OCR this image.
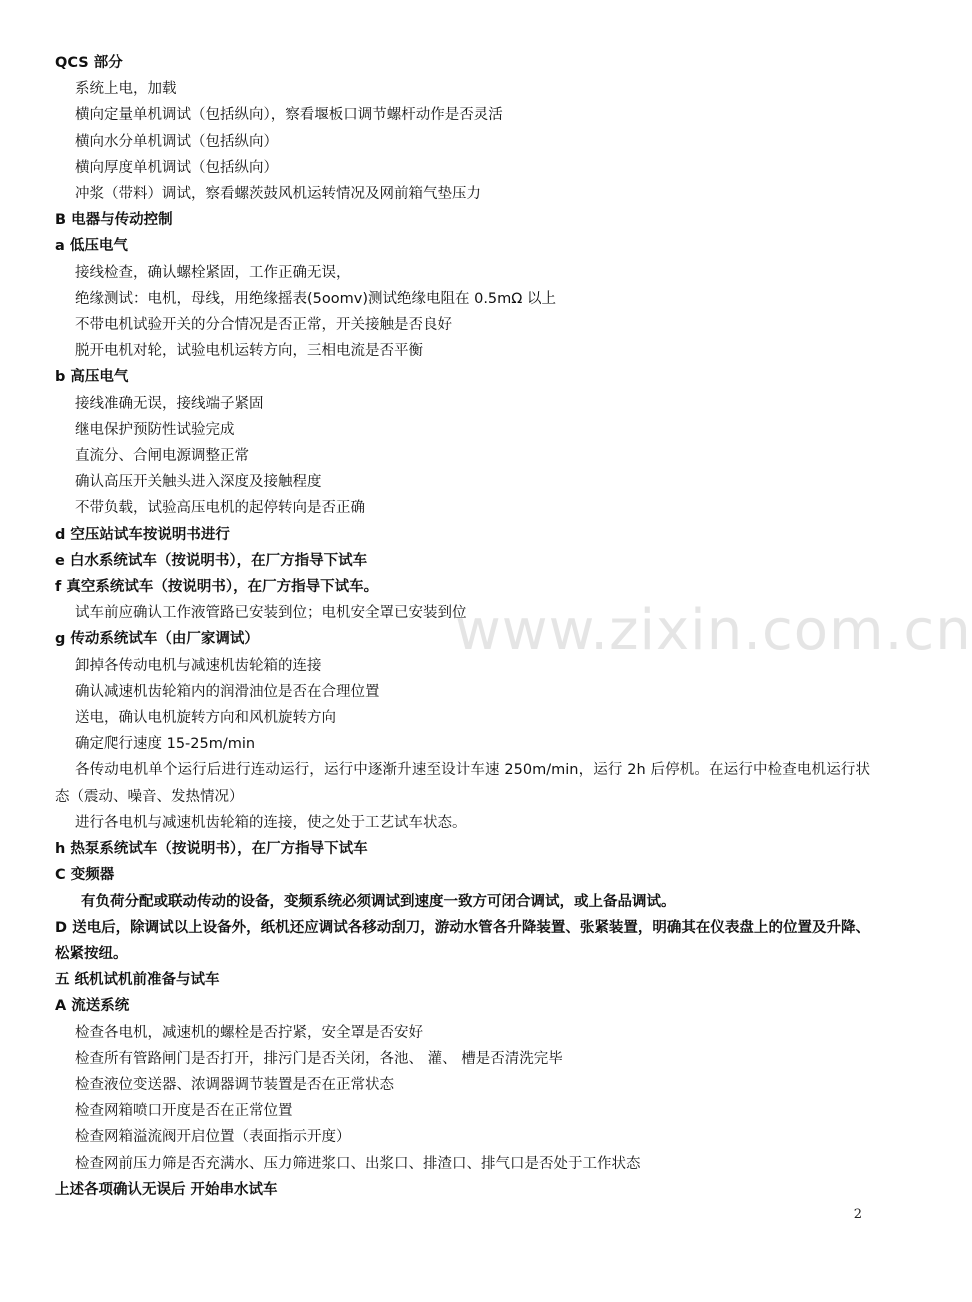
QCS 部分
系统上电，加载
横向定量单机调试（包括纵向），察看堰板口调节螺杆动作是否灵活
横向水分单机调试（包括纵向）
横向厚度单机调试（包括纵向）
冲浆（带料）调试，察看螺茨鼓风机运转情况及网前箱气垫压力
B 电器与传动控制
a 低压电气
接线检查，确认螺栓紧固，工作正确无误，
绝缘测试：电机，母线，用绝缘摇表(5oomv)测试绝缘电阻在 0.5mΩ 以上
不带电机试验开关的分合情况是否正常，开关接触是否良好
脱开电机对轮，试验电机运转方向，三相电流是否平衡
b 高压电气
接线准确无误，接线端子紧固
继电保护预防性试验完成
直流分、合闸电源调整正常
确认高压开关触头进入深度及接触程度
不带负载，试验高压电机的起停转向是否正确
d 空压站试车按说明书进行
e 白水系统试车（按说明书），在厂方指导下试车
f 真空系统试车（按说明书），在厂方指导下试车。
试车前应确认工作液管路已安装到位；电机安全罩已安装到位
g 传动系统试车（由厂家调试）
卸掉各传动电机与减速机齿轮箱的连接
确认减速机齿轮箱内的润滑油位是否在合理位置
送电，确认电机旋转方向和风机旋转方向
确定爬行速度 15-25m/min
各传动电机单个运行后进行连动运行，运行中逐渐升速至设计车速 250m/min，运行 2h 后停机。在运行中检查电机运行状态（震动、噪音、发热情况）
进行各电机与减速机齿轮箱的连接，使之处于工艺试车状态。
h 热泵系统试车（按说明书），在厂方指导下试车
C 变频器
有负荷分配或联动传动的设备，变频系统必须调试到速度一致方可闭合调试，或上备品调试。
D 送电后，除调试以上设备外，纸机还应调试各移动刮刀，游动水管各升降装置、张紧装置，明确其在仪表盘上的位置及升降、松紧按纽。
五 纸机试机前准备与试车
A 流送系统
检查各电机，减速机的螺栓是否拧紧，安全罩是否安好
检查所有管路闸门是否打开，排污门是否关闭，各池、 灌、 槽是否清洗完毕
检查液位变送器、浓调器调节装置是否在正常状态
检查网箱喷口开度是否在正常位置
检查网箱溢流阀开启位置（表面指示开度）
检查网前压力筛是否充满水、压力筛进浆口、出浆口、排渣口、排气口是否处于工作状态
上述各项确认无误后 开始串水试车
www.zixin.com.cn
2
